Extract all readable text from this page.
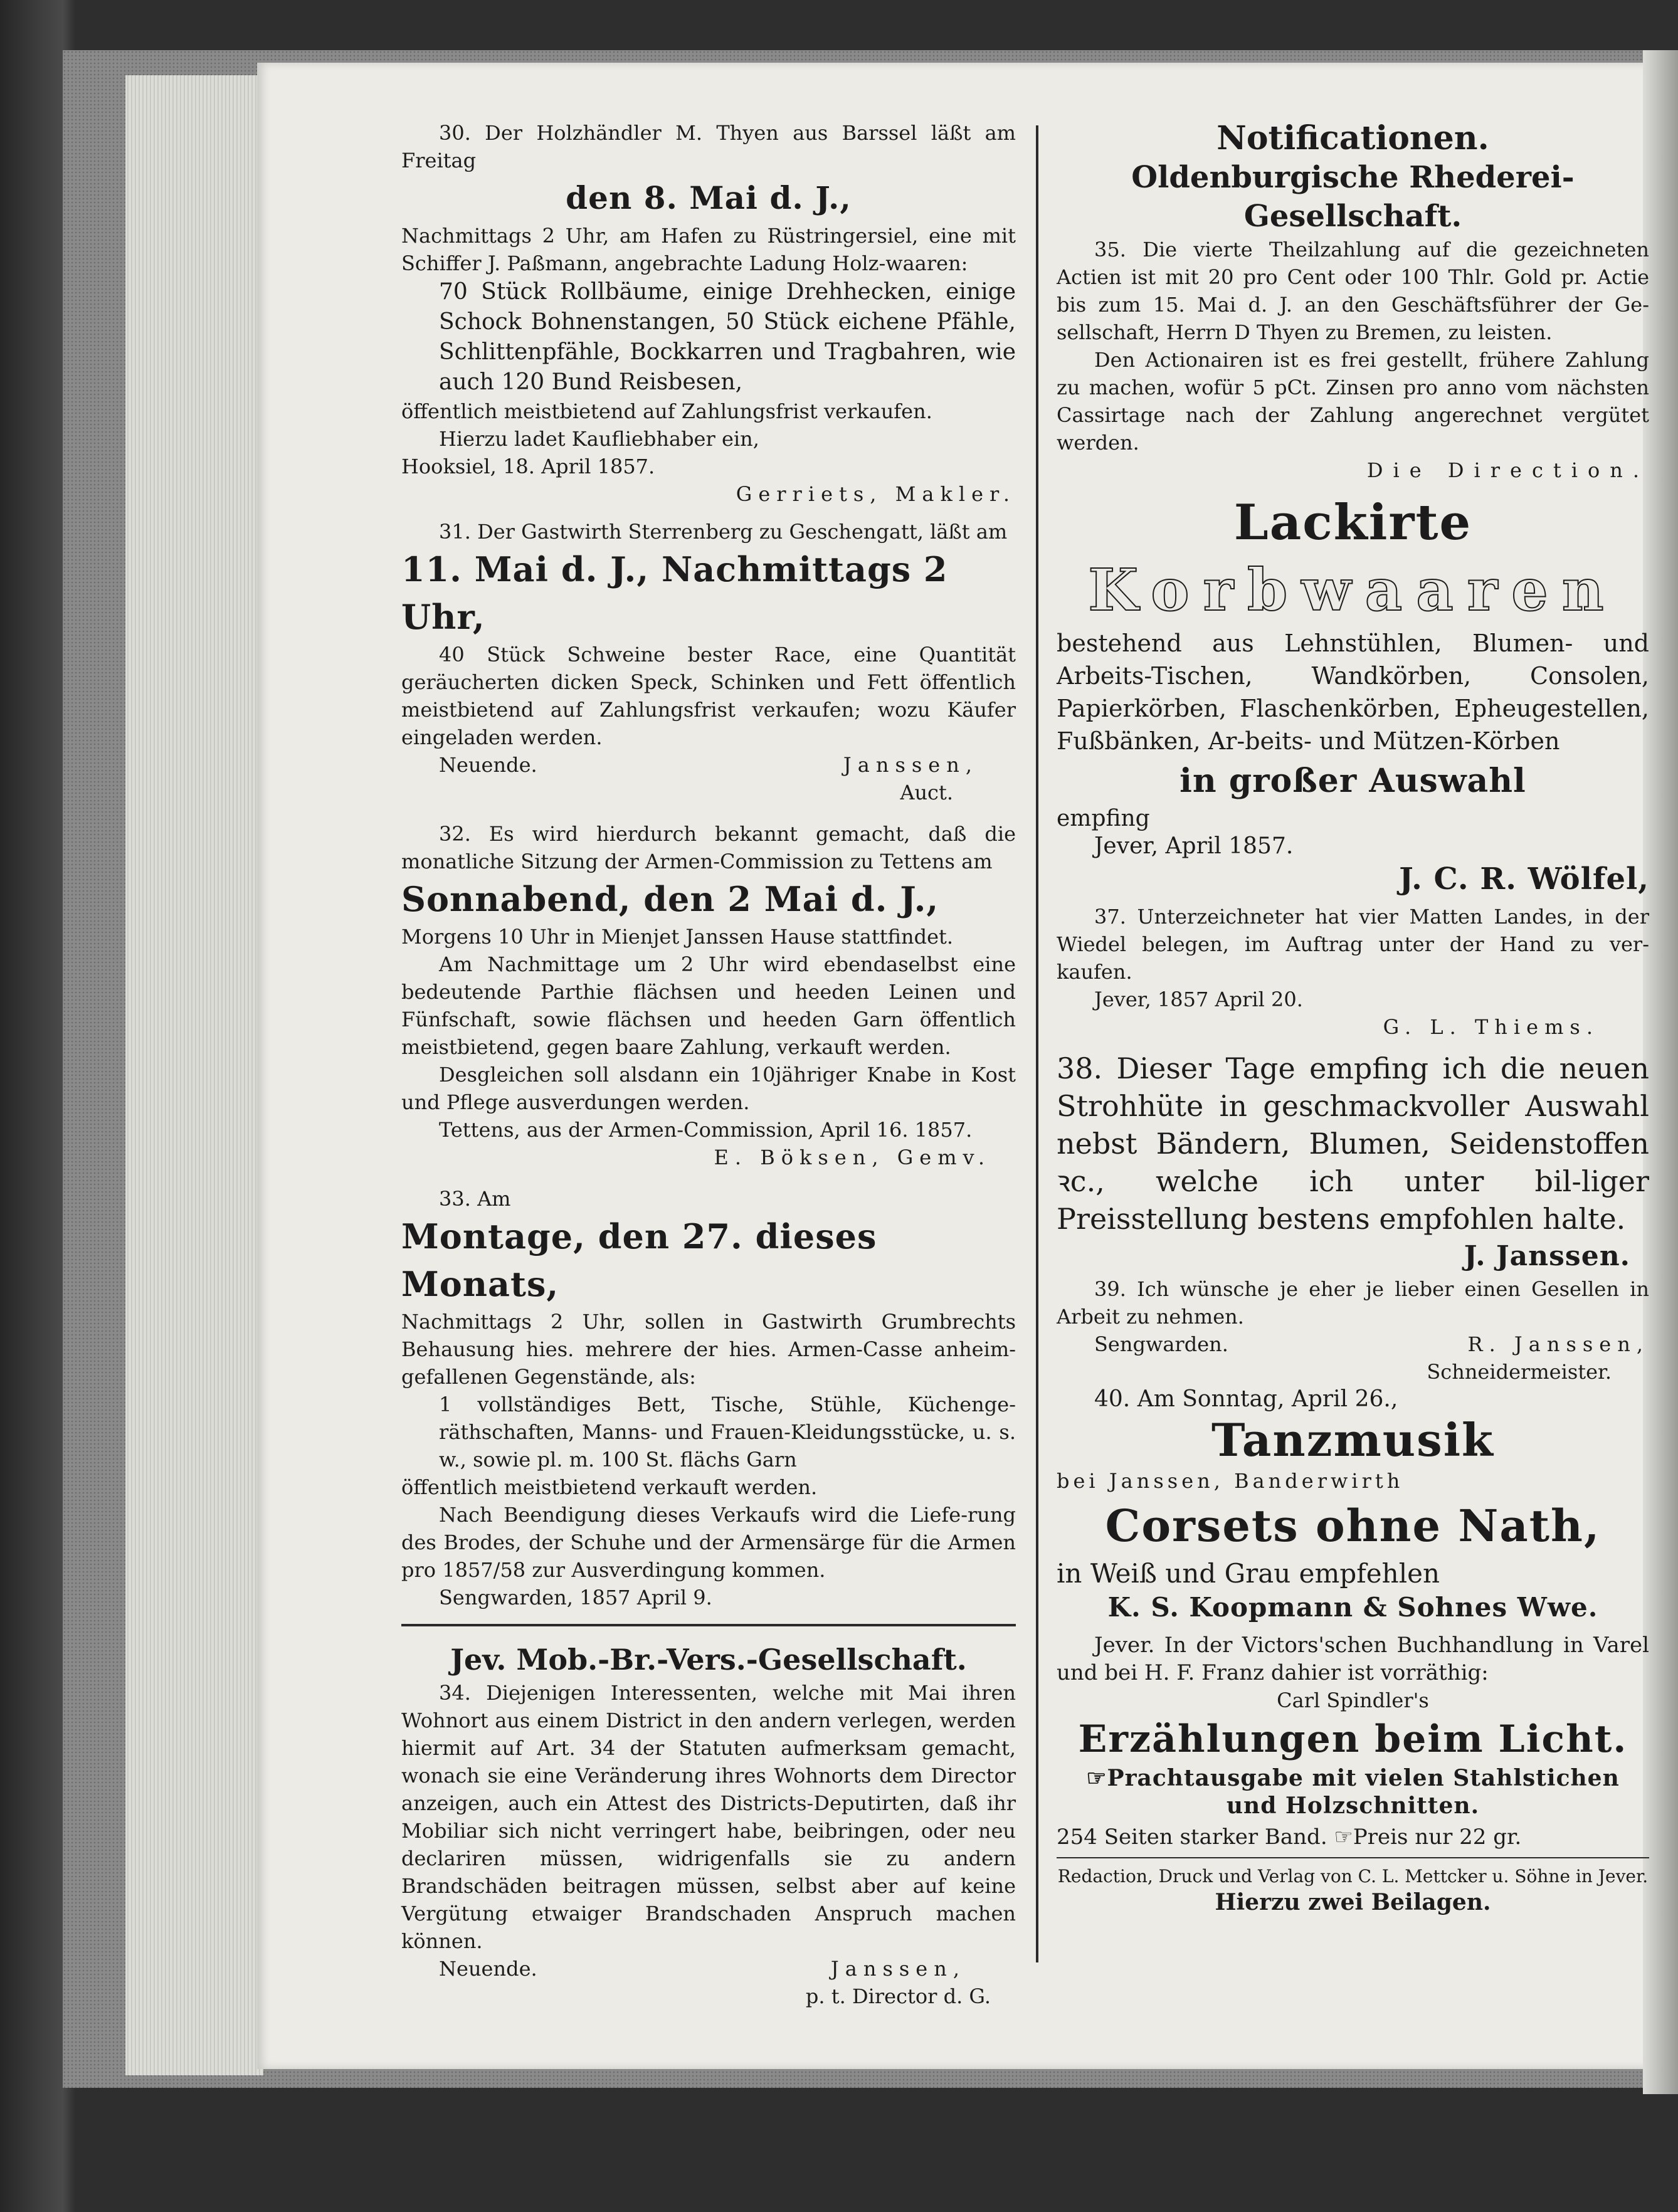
30. Der Holzhändler M. Thyen aus Barssel läßt am Freitag

den 8. Mai d. J.,

Nachmittags 2 Uhr, am Hafen zu Rüstringersiel, eine mit Schiffer J. Paßmann, angebrachte Ladung Holz-waaren:

70 Stück Rollbäume, einige Drehhecken, einige Schock Bohnenstangen, 50 Stück eichene Pfähle, Schlittenpfähle, Bockkarren und Tragbahren, wie auch 120 Bund Reisbesen,

öffentlich meistbietend auf Zahlungsfrist verkaufen.

Hierzu ladet Kaufliebhaber ein,

Hooksiel, 18. April 1857.

Gerriets, Makler.

31. Der Gastwirth Sterrenberg zu Geschengatt, läßt am

11. Mai d. J., Nachmittags 2 Uhr,

40 Stück Schweine bester Race, eine Quantität geräucherten dicken Speck, Schinken und Fett öffentlich meistbietend auf Zahlungsfrist verkaufen; wozu Käufer eingeladen werden.

Neuende.	Janssen,

Auct.

32. Es wird hierdurch bekannt gemacht, daß die monatliche Sitzung der Armen-Commission zu Tettens am

Sonnabend, den 2 Mai d. J.,

Morgens 10 Uhr in Mienjet Janssen Hause stattfindet.

Am Nachmittage um 2 Uhr wird ebendaselbst eine bedeutende Parthie flächsen und heeden Leinen und Fünfschaft, sowie flächsen und heeden Garn öffentlich meistbietend, gegen baare Zahlung, verkauft werden.

Desgleichen soll alsdann ein 10jähriger Knabe in Kost und Pflege ausverdungen werden.

Tettens, aus der Armen-Commission, April 16. 1857.

E. Böksen, Gemv.

33. Am

Montage, den 27. dieses Monats,

Nachmittags 2 Uhr, sollen in Gastwirth Grumbrechts Behausung hies. mehrere der hies. Armen-Casse anheim-gefallenen Gegenstände, als:

1 vollständiges Bett, Tische, Stühle, Küchenge-räthschaften, Manns- und Frauen-Kleidungsstücke, u. s. w., sowie pl. m. 100 St. flächs Garn

öffentlich meistbietend verkauft werden.

Nach Beendigung dieses Verkaufs wird die Liefe-rung des Brodes, der Schuhe und der Armensärge für die Armen pro 1857/58 zur Ausverdingung kommen.

Sengwarden, 1857 April 9.

Jev. Mob.-Br.-Vers.-Gesellschaft.

34. Diejenigen Interessenten, welche mit Mai ihren Wohnort aus einem District in den andern verlegen, werden hiermit auf Art. 34 der Statuten aufmerksam gemacht, wonach sie eine Veränderung ihres Wohnorts dem Director anzeigen, auch ein Attest des Districts-Deputirten, daß ihr Mobiliar sich nicht verringert habe, beibringen, oder neu declariren müssen, widrigenfalls sie zu andern Brandschäden beitragen müssen, selbst aber auf keine Vergütung etwaiger Brandschaden Anspruch machen können.

Neuende.	Janssen,

p. t. Director d. G.

Notificationen.

Oldenburgische Rhederei-Gesellschaft.

35. Die vierte Theilzahlung auf die gezeichneten Actien ist mit 20 pro Cent oder 100 Thlr. Gold pr. Actie bis zum 15. Mai d. J. an den Geschäftsführer der Ge-sellschaft, Herrn D Thyen zu Bremen, zu leisten.

Den Actionairen ist es frei gestellt, frühere Zahlung zu machen, wofür 5 pCt. Zinsen pro anno vom nächsten Cassirtage nach der Zahlung angerechnet vergütet werden.

Die Direction.

Lackirte

Korbwaaren

bestehend aus Lehnstühlen, Blumen- und Arbeits-Tischen, Wandkörben, Consolen, Papierkörben, Flaschenkörben, Epheugestellen, Fußbänken, Ar-beits- und Mützen-Körben

in großer Auswahl

empfing

Jever, April 1857.

J. C. R. Wölfel,

37. Unterzeichneter hat vier Matten Landes, in der Wiedel belegen, im Auftrag unter der Hand zu ver-kaufen.

Jever, 1857 April 20.

G. L. Thiems.

38. Dieser Tage empfing ich die neuen Strohhüte in geschmackvoller Auswahl nebst Bändern, Blumen, Seidenstoffen ꝛc., welche ich unter bil-liger Preisstellung bestens empfohlen halte.

J. Janssen.

39. Ich wünsche je eher je lieber einen Gesellen in Arbeit zu nehmen.

Sengwarden.	R. Janssen,

Schneidermeister.

40. Am Sonntag, April 26.,

Tanzmusik

bei Janssen, Banderwirth

Corsets ohne Nath,

in Weiß und Grau empfehlen

K. S. Koopmann & Sohnes Wwe.

Jever. In der Victors'schen Buchhandlung in Varel und bei H. F. Franz dahier ist vorräthig:

Carl Spindler's

Erzählungen beim Licht.

☞Prachtausgabe mit vielen Stahlstichen

und Holzschnitten.

254 Seiten starker Band. ☞Preis nur 22 gr.

Redaction, Druck und Verlag von C. L. Mettcker u. Söhne in Jever.

Hierzu zwei Beilagen.
